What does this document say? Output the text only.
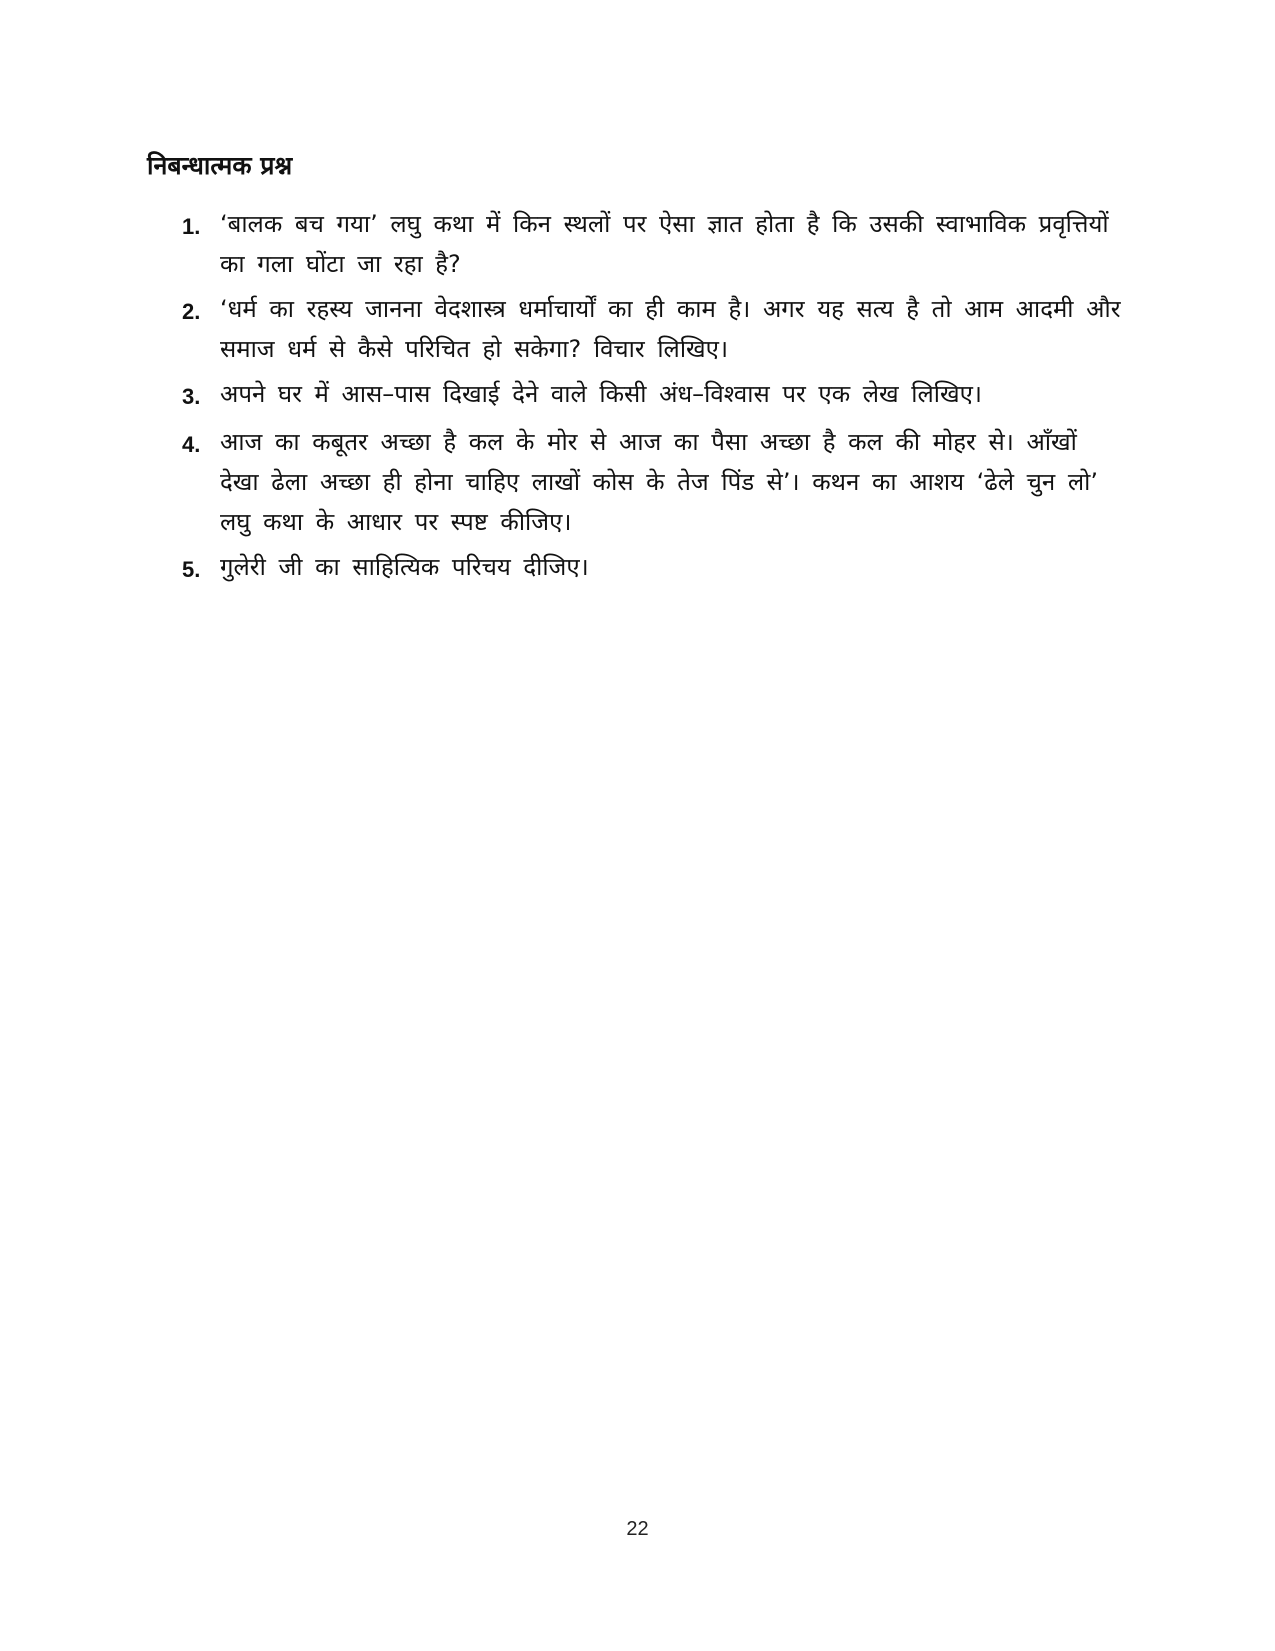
निबन्धात्मक प्रश्न
1. ‘बालक बच गया’ लघु कथा में किन स्थलों पर ऐसा ज्ञात होता है कि उसकी स्वाभाविक प्रवृत्तियों का गला घोंटा जा रहा है?
2. ‘धर्म का रहस्य जानना वेदशास्त्र धर्माचार्यों का ही काम है। अगर यह सत्य है तो आम आदमी और समाज धर्म से कैसे परिचित हो सकेगा? विचार लिखिए।
3. अपने घर में आस–पास दिखाई देने वाले किसी अंध–विश्वास पर एक लेख लिखिए।
4. आज का कबूतर अच्छा है कल के मोर से आज का पैसा अच्छा है कल की मोहर से। आँखों देखा ढेला अच्छा ही होना चाहिए लाखों कोस के तेज पिंड से’। कथन का आशय ‘ढेले चुन लो’ लघु कथा के आधार पर स्पष्ट कीजिए।
5. गुलेरी जी का साहित्यिक परिचय दीजिए।
22
